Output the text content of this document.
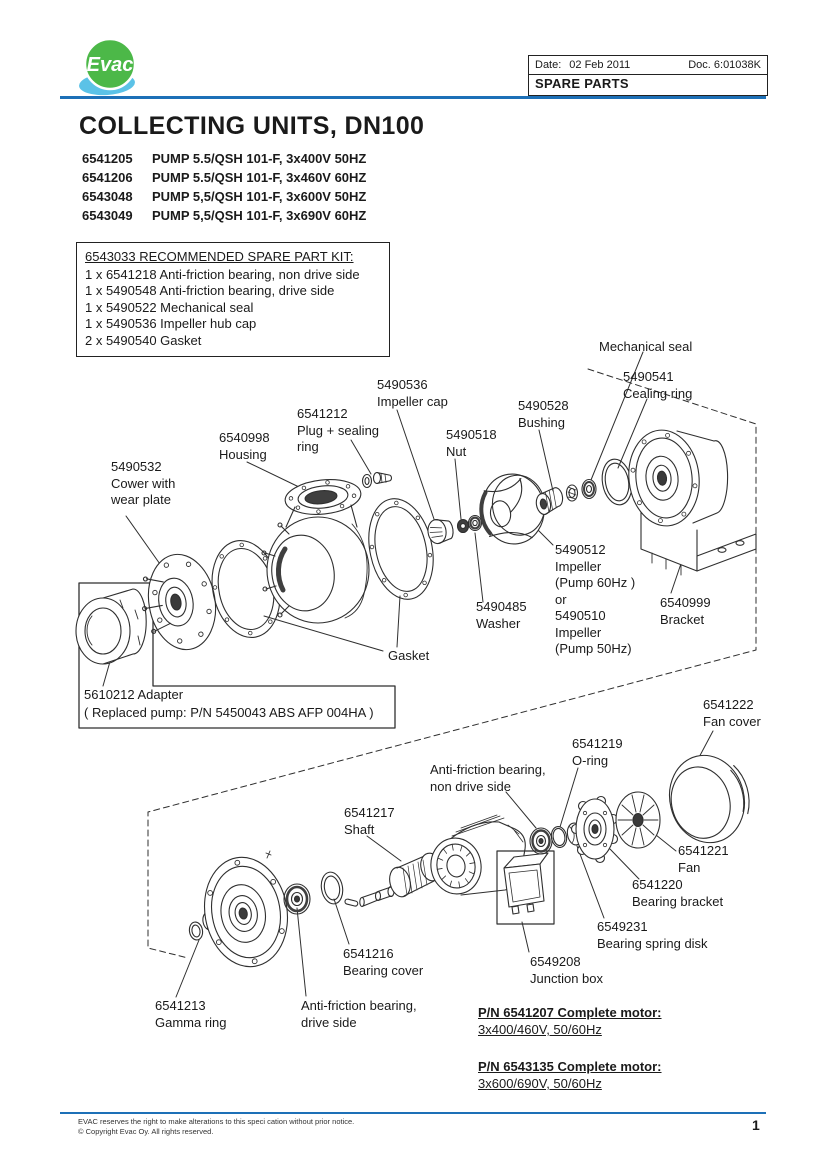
Evac	Date: 02 Feb 2011	Doc. 6:01038K
SPARE PARTS
COLLECTING UNITS, DN100
6541205	PUMP 5.5/QSH 101-F, 3x400V 50HZ
6541206	PUMP 5.5/QSH 101-F, 3x460V 60HZ
6543048	PUMP 5,5/QSH 101-F, 3x600V 50HZ
6543049	PUMP 5,5/QSH 101-F, 3x690V 60HZ
6543033 RECOMMENDED SPARE PART KIT:
1 x 6541218 Anti-friction bearing, non drive side
1 x 5490548 Anti-friction bearing, drive side
1 x 5490522 Mechanical seal
1 x 5490536 Impeller hub cap
2 x 5490540 Gasket	Mechanical seal
5490541
Cealing ring
5490528
Bushing
5490536
Impeller cap
5490518
Nut
6541212
Plug + sealing
ring
6540998
Housing
5490532
Cower with
wear plate
5490512
Impeller
(Pump 60Hz )
or
5490510
Impeller
(Pump 50Hz)
5490485
Washer
Gasket
6540999
Bracket
6541222
Fan cover
6541219
O-ring
Anti-friction bearing,
non drive side
6541217
Shaft
6541221
Fan
6541220
Bearing bracket
6549231
Bearing spring disk
6549208
Junction box
6541216
Bearing cover
6541213
Gamma ring
Anti-friction bearing,
drive side
5610212 Adapter
( Replaced pump: P/N 5450043 ABS AFP 004HA )
P/N 6541207 Complete motor:
3x400/460V, 50/60Hz
P/N 6543135 Complete motor:
3x600/690V, 50/60Hz
EVAC reserves the right to make alterations to this speci cation without prior notice.
© Copyright Evac Oy. All rights reserved.	1
